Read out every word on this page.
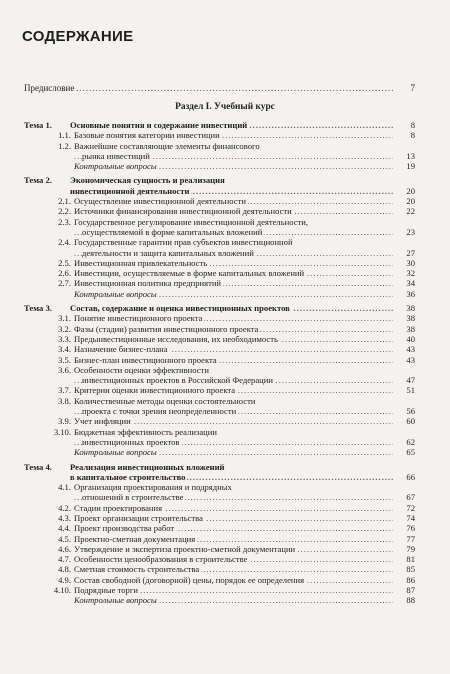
СОДЕРЖАНИЕ
Предисловие .....	7
Раздел I. Учебный курс
Тема 1.	Основные понятия и содержание инвестиций .....	8
1.1. Базовые понятия категории инвестиции .....	8
1.2. Важнейшие составляющие элементы финансового
рынка инвестиций .....	13
Контрольные вопросы .....	19
Тема 2.	Экономическая сущность и реализация
инвестиционной деятельности .....	20
2.1. Осуществление инвестиционной деятельности .....	20
2.2. Источники финансирования инвестиционной деятельности .....	22
2.3. Государственное регулирование инвестиционной деятельности,
осуществляемой в форме капитальных вложений .....	23
2.4. Государственные гарантии прав субъектов инвестиционной
деятельности и защита капитальных вложений .....	27
2.5. Инвестиционная привлекательность .....	30
2.6. Инвестиции, осуществляемые в форме капитальных вложений .....	32
2.7. Инвестиционная политика предприятий .....	34
Контрольные вопросы .....	36
Тема 3.	Состав, содержание и оценка инвестиционных проектов .....	38
3.1. Понятие инвестиционного проекта .....	38
3.2. Фазы (стадии) развития инвестиционного проекта .....	38
3.3. Предынвестиционные исследования, их необходимость .....	40
3.4. Назначение бизнес-плана .....	43
3.5. Бизнес-план инвестиционного проекта .....	43
3.6. Особенности оценки эффективности
инвестиционных проектов в Российской Федерации .....	47
3.7. Критерии оценки инвестиционного проекта .....	51
3.8. Количественные методы оценки состоятельности
проекта с точки зрения неопределенности .....	56
3.9. Учет инфляции .....	60
3.10. Бюджетная эффективность реализации
инвестиционных проектов .....	62
Контрольные вопросы .....	65
Тема 4.	Реализация инвестиционных вложений
в капитальное строительство .....	66
4.1. Организация проектирования и подрядных
отношений в строительстве .....	67
4.2. Стадии проектирования .....	72
4.3. Проект организации строительства .....	74
4.4. Проект производства работ .....	76
4.5. Проектно-сметная документация .....	77
4.6. Утверждение и экспертиза проектно-сметной документации .....	79
4.7. Особенности ценообразования в строительстве .....	81
4.8. Сметная стоимость строительства .....	85
4.9. Состав свободной (договорной) цены, порядок ее определения .....	86
4.10. Подрядные торги .....	87
Контрольные вопросы .....	88
